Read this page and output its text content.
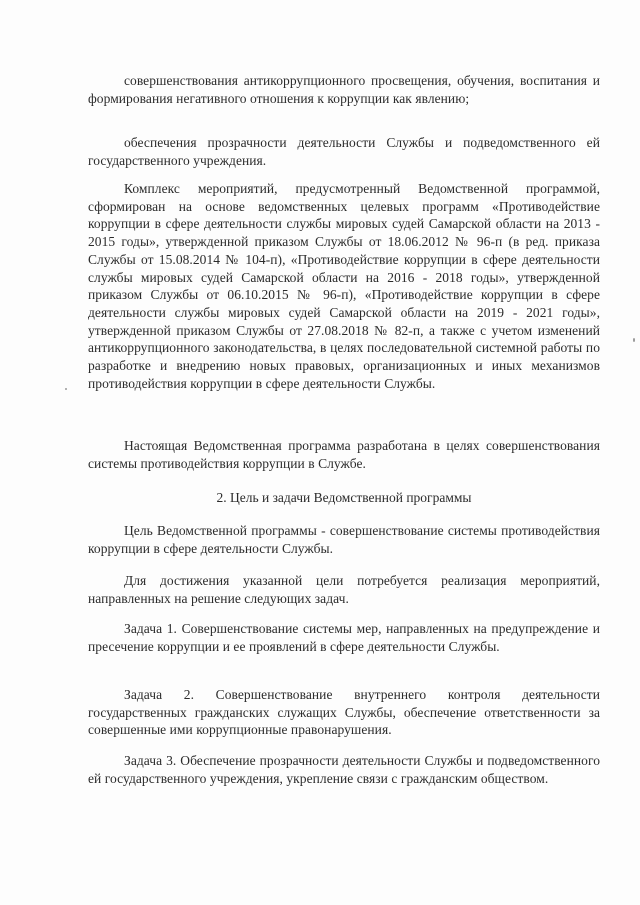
совершенствования антикоррупционного просвещения, обучения, воспитания и формирования негативного отношения к коррупции как явлению;

обеспечения прозрачности деятельности Службы и подведомственного ей государственного учреждения.

Комплекс мероприятий, предусмотренный Ведомственной программой, сформирован на основе ведомственных целевых программ «Противодействие коррупции в сфере деятельности службы мировых судей Самарской области на 2013 - 2015 годы», утвержденной приказом Службы от 18.06.2012 № 96-п (в ред. приказа Службы от 15.08.2014 № 104-п), «Противодействие коррупции в сфере деятельности службы мировых судей Самарской области на 2016 - 2018 годы», утвержденной приказом Службы от 06.10.2015 № 96-п), «Противодействие коррупции в сфере деятельности службы мировых судей Самарской области на 2019 - 2021 годы», утвержденной приказом Службы от 27.08.2018 № 82-п, а также с учетом изменений антикоррупционного законодательства, в целях последовательной системной работы по разработке и внедрению новых правовых, организационных и иных механизмов противодействия коррупции в сфере деятельности Службы.

Настоящая Ведомственная программа разработана в целях совершенствования системы противодействия коррупции в Службе.

2. Цель и задачи Ведомственной программы

Цель Ведомственной программы - совершенствование системы противодействия коррупции в сфере деятельности Службы.

Для достижения указанной цели потребуется реализация мероприятий, направленных на решение следующих задач.

Задача 1. Совершенствование системы мер, направленных на предупреждение и пресечение коррупции и ее проявлений в сфере деятельности Службы.

Задача 2. Совершенствование внутреннего контроля деятельности государственных гражданских служащих Службы, обеспечение ответственности за совершенные ими коррупционные правонарушения.

Задача 3. Обеспечение прозрачности деятельности Службы и подведомственного ей государственного учреждения, укрепление связи с гражданским обществом.
